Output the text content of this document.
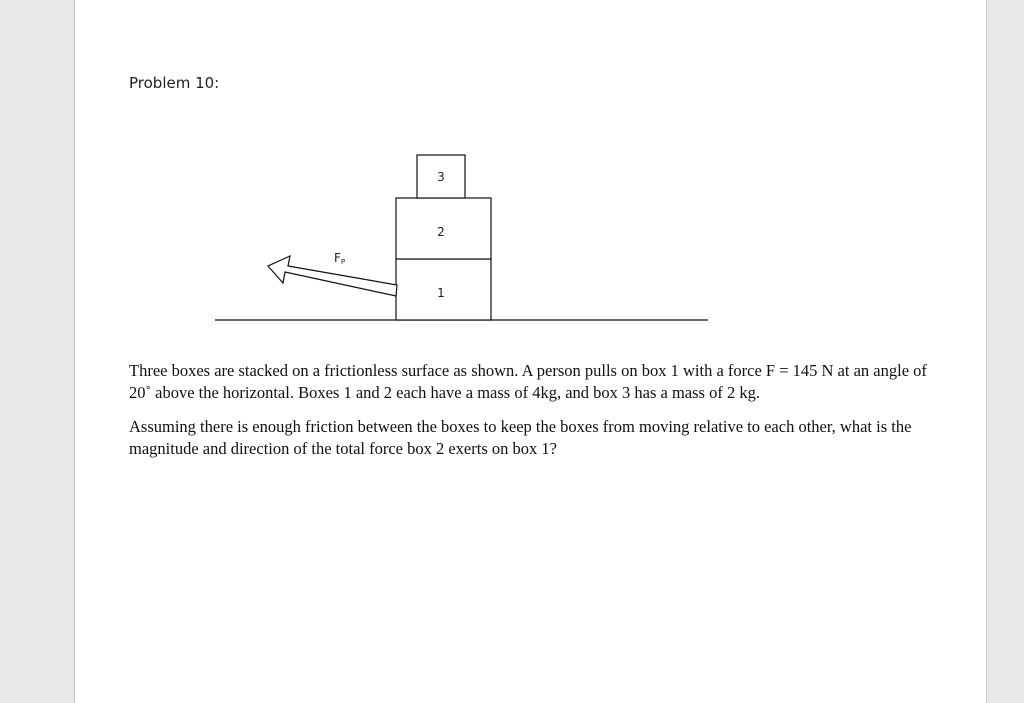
Problem 10:
3
2
1
FP
Three boxes are stacked on a frictionless surface as shown. A person pulls on box 1 with a force F = 145 N at an angle of 20˚ above the horizontal. Boxes 1 and 2 each have a mass of 4kg, and box 3 has a mass of 2 kg.
Assuming there is enough friction between the boxes to keep the boxes from moving relative to each other, what is the magnitude and direction of the total force box 2 exerts on box 1?
